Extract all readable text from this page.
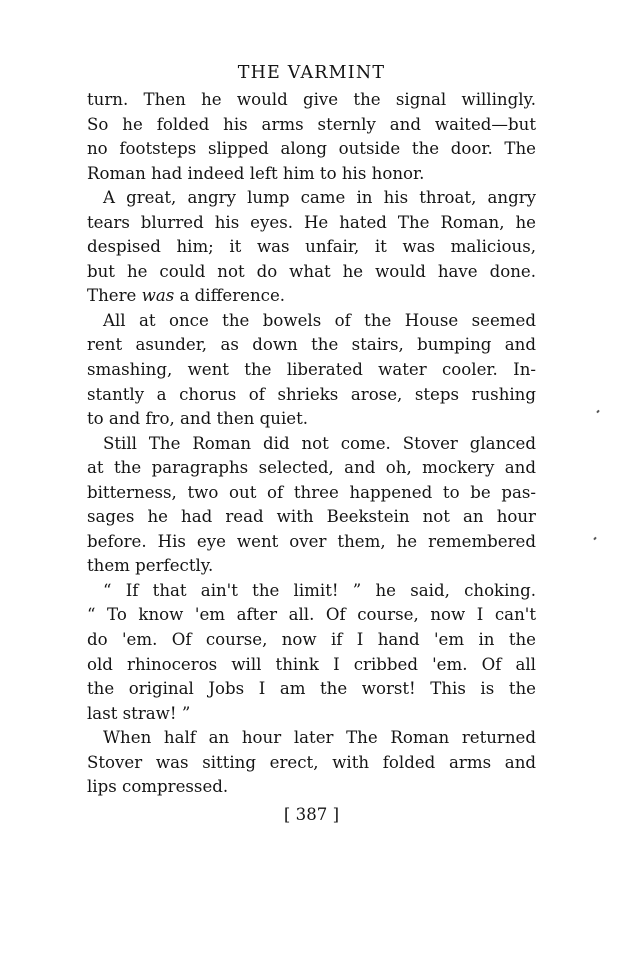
THE VARMINT
turn. Then he would give the signal willingly.
So he folded his arms sternly and waited—but
no footsteps slipped along outside the door. The
Roman had indeed left him to his honor.
A great, angry lump came in his throat, angry
tears blurred his eyes. He hated The Roman, he
despised him; it was unfair, it was malicious,
but he could not do what he would have done.
There was a difference.
All at once the bowels of the House seemed
rent asunder, as down the stairs, bumping and
smashing, went the liberated water cooler. In-
stantly a chorus of shrieks arose, steps rushing
to and fro, and then quiet.
Still The Roman did not come. Stover glanced
at the paragraphs selected, and oh, mockery and
bitterness, two out of three happened to be pas-
sages he had read with Beekstein not an hour
before. His eye went over them, he remembered
them perfectly.
“ If that ain't the limit! ” he said, choking.
“ To know 'em after all. Of course, now I can't
do 'em. Of course, now if I hand 'em in the
old rhinoceros will think I cribbed 'em. Of all
the original Jobs I am the worst! This is the
last straw! ”
When half an hour later The Roman returned
Stover was sitting erect, with folded arms and
lips compressed.
[ 387 ]
